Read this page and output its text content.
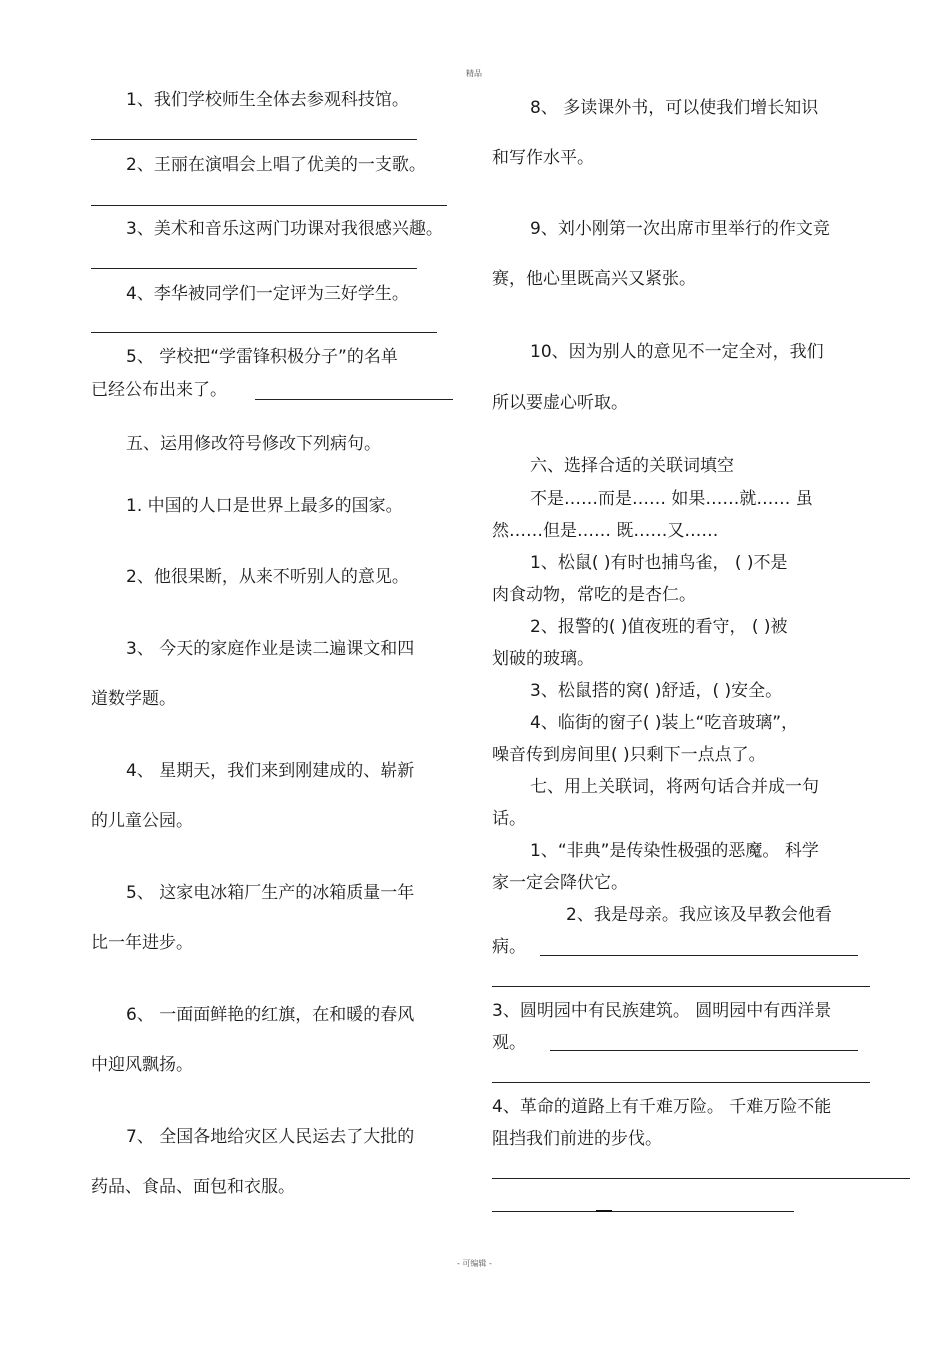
精品
- 可编辑 -
1、我们学校师生全体去参观科技馆。
2、王丽在演唱会上唱了优美的一支歌。
3、美术和音乐这两门功课对我很感兴趣。
4、李华被同学们一定评为三好学生。
5、 学校把“学雷锋积极分子”的名单
已经公布出来了。
五、运用修改符号修改下列病句。
1. 中国的人口是世界上最多的国家。
2、他很果断，从来不听别人的意见。
3、 今天的家庭作业是读二遍课文和四
道数学题。
4、 星期天，我们来到刚建成的、崭新
的儿童公园。
5、 这家电冰箱厂生产的冰箱质量一年
比一年进步。
6、 一面面鲜艳的红旗，在和暖的春风
中迎风飘扬。
7、 全国各地给灾区人民运去了大批的
药品、食品、面包和衣服。
8、 多读课外书，可以使我们增长知识
和写作水平。
9、刘小刚第一次出席市里举行的作文竞
赛，他心里既高兴又紧张。
10、因为别人的意见不一定全对，我们
所以要虚心听取。
六、选择合适的关联词填空
不是……而是…… 如果……就…… 虽
然……但是…… 既……又……
1、松鼠( )有时也捕鸟雀， ( )不是
肉食动物，常吃的是杏仁。
2、报警的( )值夜班的看守， ( )被
划破的玻璃。
3、松鼠搭的窝( )舒适，( )安全。
4、临街的窗子( )装上“吃音玻璃”，
噪音传到房间里( )只剩下一点点了。
七、用上关联词，将两句话合并成一句
话。
1、“非典”是传染性极强的恶魔。 科学
家一定会降伏它。
2、我是母亲。我应该及早教会他看
病。
3、圆明园中有民族建筑。 圆明园中有西洋景
观。
4、革命的道路上有千难万险。 千难万险不能
阻挡我们前进的步伐。
